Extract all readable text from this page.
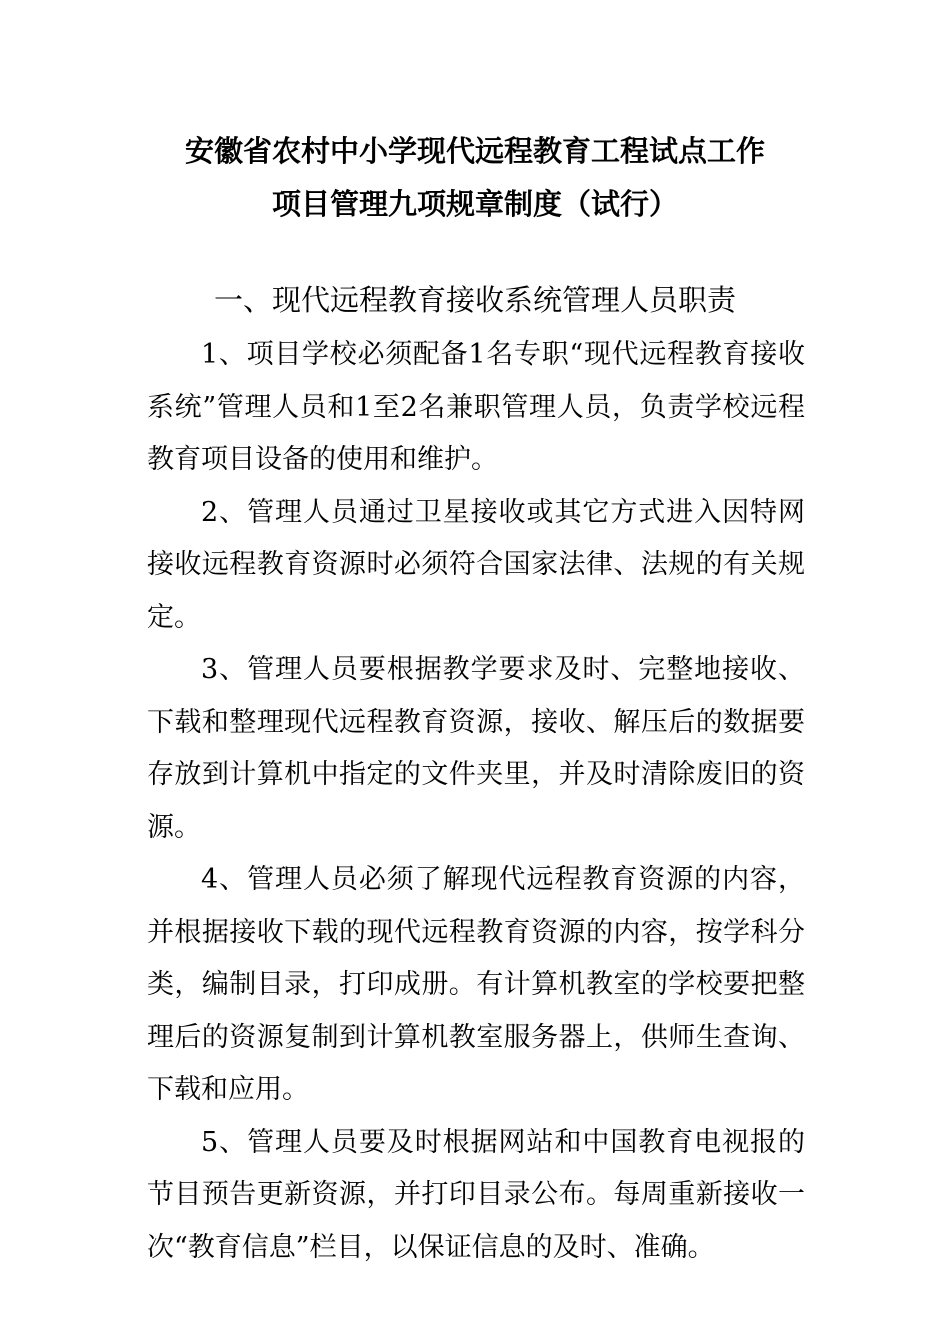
安徽省农村中小学现代远程教育工程试点工作
项目管理九项规章制度（试行）
一、现代远程教育接收系统管理人员职责

1、项目学校必须配备1名专职“现代远程教育接收系统”管理人员和1至2名兼职管理人员，负责学校远程教育项目设备的使用和维护。

2、管理人员通过卫星接收或其它方式进入因特网接收远程教育资源时必须符合国家法律、法规的有关规定。

3、管理人员要根据教学要求及时、完整地接收、下载和整理现代远程教育资源，接收、解压后的数据要存放到计算机中指定的文件夹里，并及时清除废旧的资源。

4、管理人员必须了解现代远程教育资源的内容，并根据接收下载的现代远程教育资源的内容，按学科分类，编制目录，打印成册。有计算机教室的学校要把整理后的资源复制到计算机教室服务器上，供师生查询、下载和应用。

5、管理人员要及时根据网站和中国教育电视报的节目预告更新资源，并打印目录公布。每周重新接收一次“教育信息”栏目，以保证信息的及时、准确。
